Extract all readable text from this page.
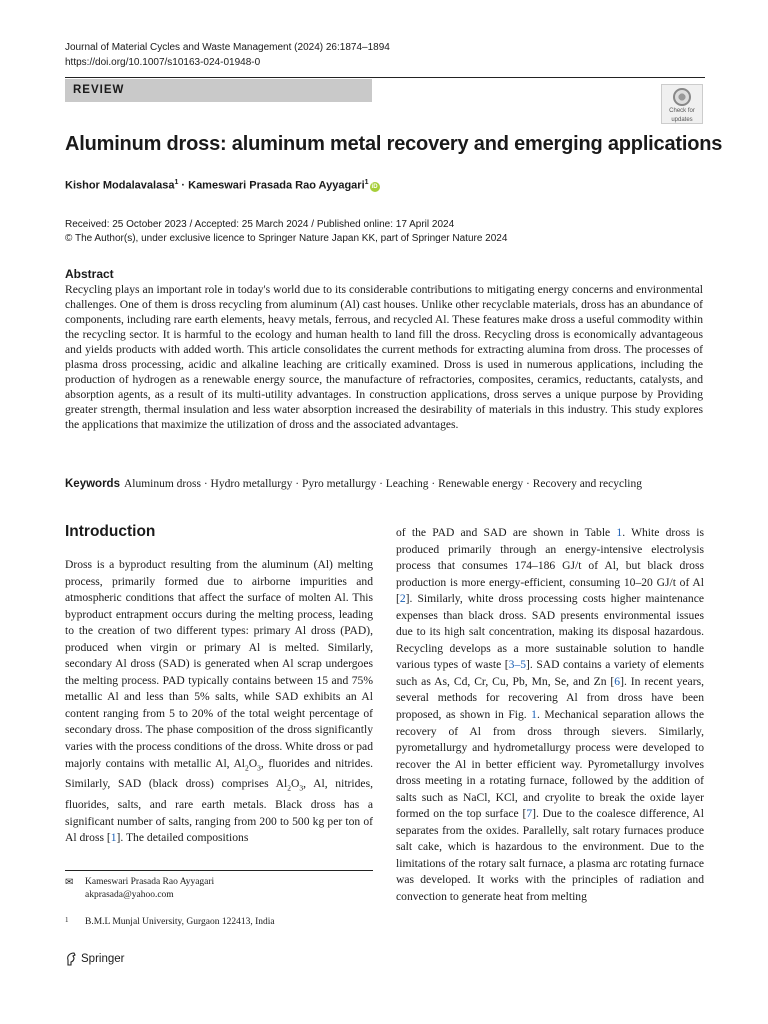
Journal of Material Cycles and Waste Management (2024) 26:1874–1894
https://doi.org/10.1007/s10163-024-01948-0
REVIEW
Check for
updates
Aluminum dross: aluminum metal recovery and emerging applications
Kishor Modalavalasa$^1$ · Kameswari Prasada Rao Ayyagari$^1$iD
Received: 25 October 2023 / Accepted: 25 March 2024 / Published online: 17 April 2024
© The Author(s), under exclusive licence to Springer Nature Japan KK, part of Springer Nature 2024
Abstract
Recycling plays an important role in today's world due to its considerable contributions to mitigating energy concerns and environmental challenges. One of them is dross recycling from aluminum (Al) cast houses. Unlike other recyclable materials, dross has an abundance of components, including rare earth elements, heavy metals, ferrous, and recycled Al. These features make dross a useful commodity within the recycling sector. It is harmful to the ecology and human health to land fill the dross. Recycling dross is economically advantageous and yields products with added worth. This article consolidates the current methods for extracting alumina from dross. The processes of plasma dross processing, acidic and alkaline leaching are critically examined. Dross is used in numerous applications, including the production of hydrogen as a renewable energy source, the manufacture of refractories, composites, ceramics, reductants, catalysts, and absorption agents, as a result of its multi-utility advantages. In construction applications, dross serves a unique purpose by Providing greater strength, thermal insulation and less water absorption increased the desirability of materials in this industry. This study explores the applications that maximize the utilization of dross and the associated advantages.
Keywords Aluminum dross · Hydro metallurgy · Pyro metallurgy · Leaching · Renewable energy · Recovery and recycling
Introduction

Dross is a byproduct resulting from the aluminum (Al) melting process, primarily formed due to airborne impurities and atmospheric conditions that affect the surface of molten Al. This byproduct entrapment occurs during the melting process, leading to the creation of two different types: primary Al dross (PAD), produced when virgin or primary Al is melted. Similarly, secondary Al dross (SAD) is generated when Al scrap undergoes the melting process. PAD typically contains between 15 and 75% metallic Al and less than 5% salts, while SAD exhibits an Al content ranging from 5 to 20% of the total weight percentage of secondary dross. The phase composition of the dross significantly varies with the process conditions of the dross. White dross or pad majorly contains with metallic Al, $Al_2O_3$, fluorides and nitrides. Similarly, SAD (black dross) comprises $Al_2O_3$, Al, nitrides, fluorides, salts, and rare earth metals. Black dross has a significant number of salts, ranging from 200 to 500 kg per ton of Al dross [1]. The detailed compositions

of the PAD and SAD are shown in Table 1. White dross is produced primarily through an energy-intensive electrolysis process that consumes 174–186 GJ/t of Al, but black dross production is more energy-efficient, consuming 10–20 GJ/t of Al [2]. Similarly, white dross processing costs higher maintenance expenses than black dross. SAD presents environmental issues due to its high salt concentration, making its disposal hazardous. Recycling develops as a more sustainable solution to handle various types of waste [3–5]. SAD contains a variety of elements such as As, Cd, Cr, Cu, Pb, Mn, Se, and Zn [6]. In recent years, several methods for recovering Al from dross have been proposed, as shown in Fig. 1. Mechanical separation allows the recovery of Al from dross through sievers. Similarly, pyrometallurgy and hydrometallurgy process were developed to recover the Al in better efficient way. Pyrometallurgy involves dross meeting in a rotating furnace, followed by the addition of salts such as NaCl, KCl, and cryolite to break the oxide layer formed on the top surface [7]. Due to the coalesce difference, Al separates from the oxides. Parallelly, salt rotary furnaces produce salt cake, which is hazardous to the environment. Due to the limitations of the rotary salt furnace, a plasma arc rotating furnace was developed. It works with the principles of radiation and convection to generate heat from melting

✉ Kameswari Prasada Rao Ayyagari
akprasada@yahoo.com
1 B.M.L Munjal University, Gurgaon 122413, India
Springer
